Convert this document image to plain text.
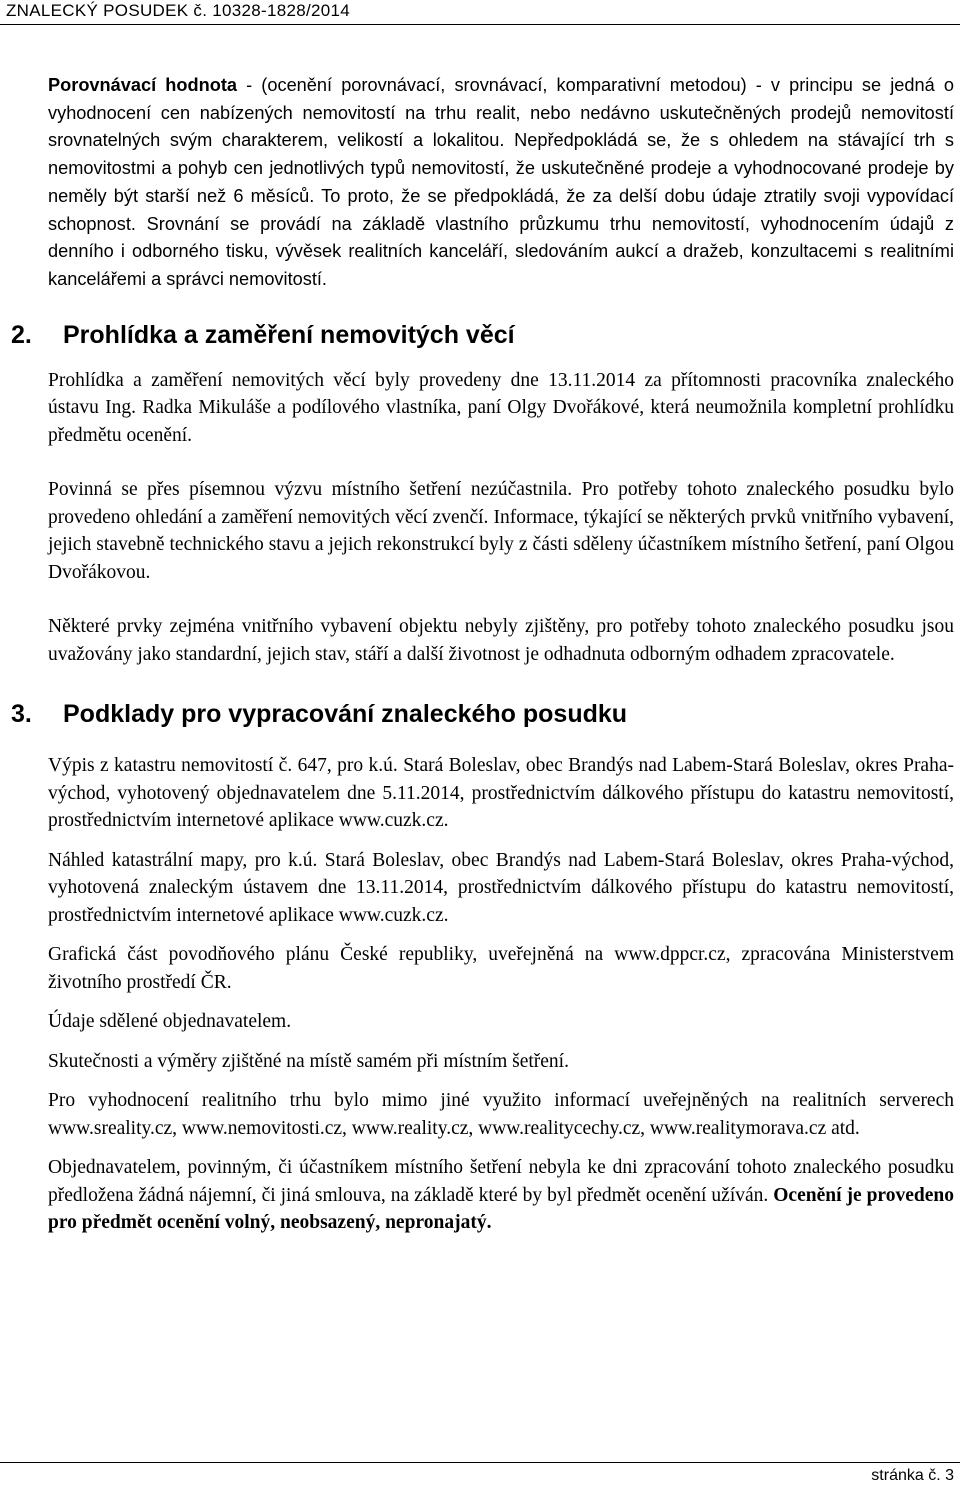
ZNALECKÝ POSUDEK č. 10328-1828/2014

Porovnávací hodnota - (ocenění porovnávací, srovnávací, komparativní metodou) - v principu se jedná o vyhodnocení cen nabízených nemovitostí na trhu realit, nebo nedávno uskutečněných prodejů nemovitostí srovnatelných svým charakterem, velikostí a lokalitou. Nepředpokládá se, že s ohledem na stávající trh s nemovitostmi a pohyb cen jednotlivých typů nemovitostí, že uskutečněné prodeje a vyhodnocované prodeje by neměly být starší než 6 měsíců. To proto, že se předpokládá, že za delší dobu údaje ztratily svoji vypovídací schopnost. Srovnání se provádí na základě vlastního průzkumu trhu nemovitostí, vyhodnocením údajů z denního i odborného tisku, vývěsek realitních kanceláří, sledováním aukcí a dražeb, konzultacemi s realitními kancelářemi a správci nemovitostí.

2. Prohlídka a zaměření nemovitých věcí

Prohlídka a zaměření nemovitých věcí byly provedeny dne 13.11.2014 za přítomnosti pracovníka znaleckého ústavu Ing. Radka Mikuláše a podílového vlastníka, paní Olgy Dvořákové, která neumožnila kompletní prohlídku předmětu ocenění.

Povinná se přes písemnou výzvu místního šetření nezúčastnila. Pro potřeby tohoto znaleckého posudku bylo provedeno ohledání a zaměření nemovitých věcí zvenčí. Informace, týkající se některých prvků vnitřního vybavení, jejich stavebně technického stavu a jejich rekonstrukcí byly z části sděleny účastníkem místního šetření, paní Olgou Dvořákovou.

Některé prvky zejména vnitřního vybavení objektu nebyly zjištěny, pro potřeby tohoto znaleckého posudku jsou uvažovány jako standardní, jejich stav, stáří a další životnost je odhadnuta odborným odhadem zpracovatele.

3. Podklady pro vypracování znaleckého posudku

Výpis z katastru nemovitostí č. 647, pro k.ú. Stará Boleslav, obec Brandýs nad Labem-Stará Boleslav, okres Praha-východ, vyhotovený objednavatelem dne 5.11.2014, prostřednictvím dálkového přístupu do katastru nemovitostí, prostřednictvím internetové aplikace www.cuzk.cz.

Náhled katastrální mapy, pro k.ú. Stará Boleslav, obec Brandýs nad Labem-Stará Boleslav, okres Praha-východ, vyhotovená znaleckým ústavem dne 13.11.2014, prostřednictvím dálkového přístupu do katastru nemovitostí, prostřednictvím internetové aplikace www.cuzk.cz.

Grafická část povodňového plánu České republiky, uveřejněná na www.dppcr.cz, zpracována Ministerstvem životního prostředí ČR.

Údaje sdělené objednavatelem.

Skutečnosti a výměry zjištěné na místě samém při místním šetření.

Pro vyhodnocení realitního trhu bylo mimo jiné využito informací uveřejněných na realitních serverech www.sreality.cz, www.nemovitosti.cz, www.reality.cz, www.realitycechy.cz, www.realitymorava.cz atd.

Objednavatelem, povinným, či účastníkem místního šetření nebyla ke dni zpracování tohoto znaleckého posudku předložena žádná nájemní, či jiná smlouva, na základě které by byl předmět ocenění užíván. Ocenění je provedeno pro předmět ocenění volný, neobsazený, nepronajatý.

stránka č. 3
